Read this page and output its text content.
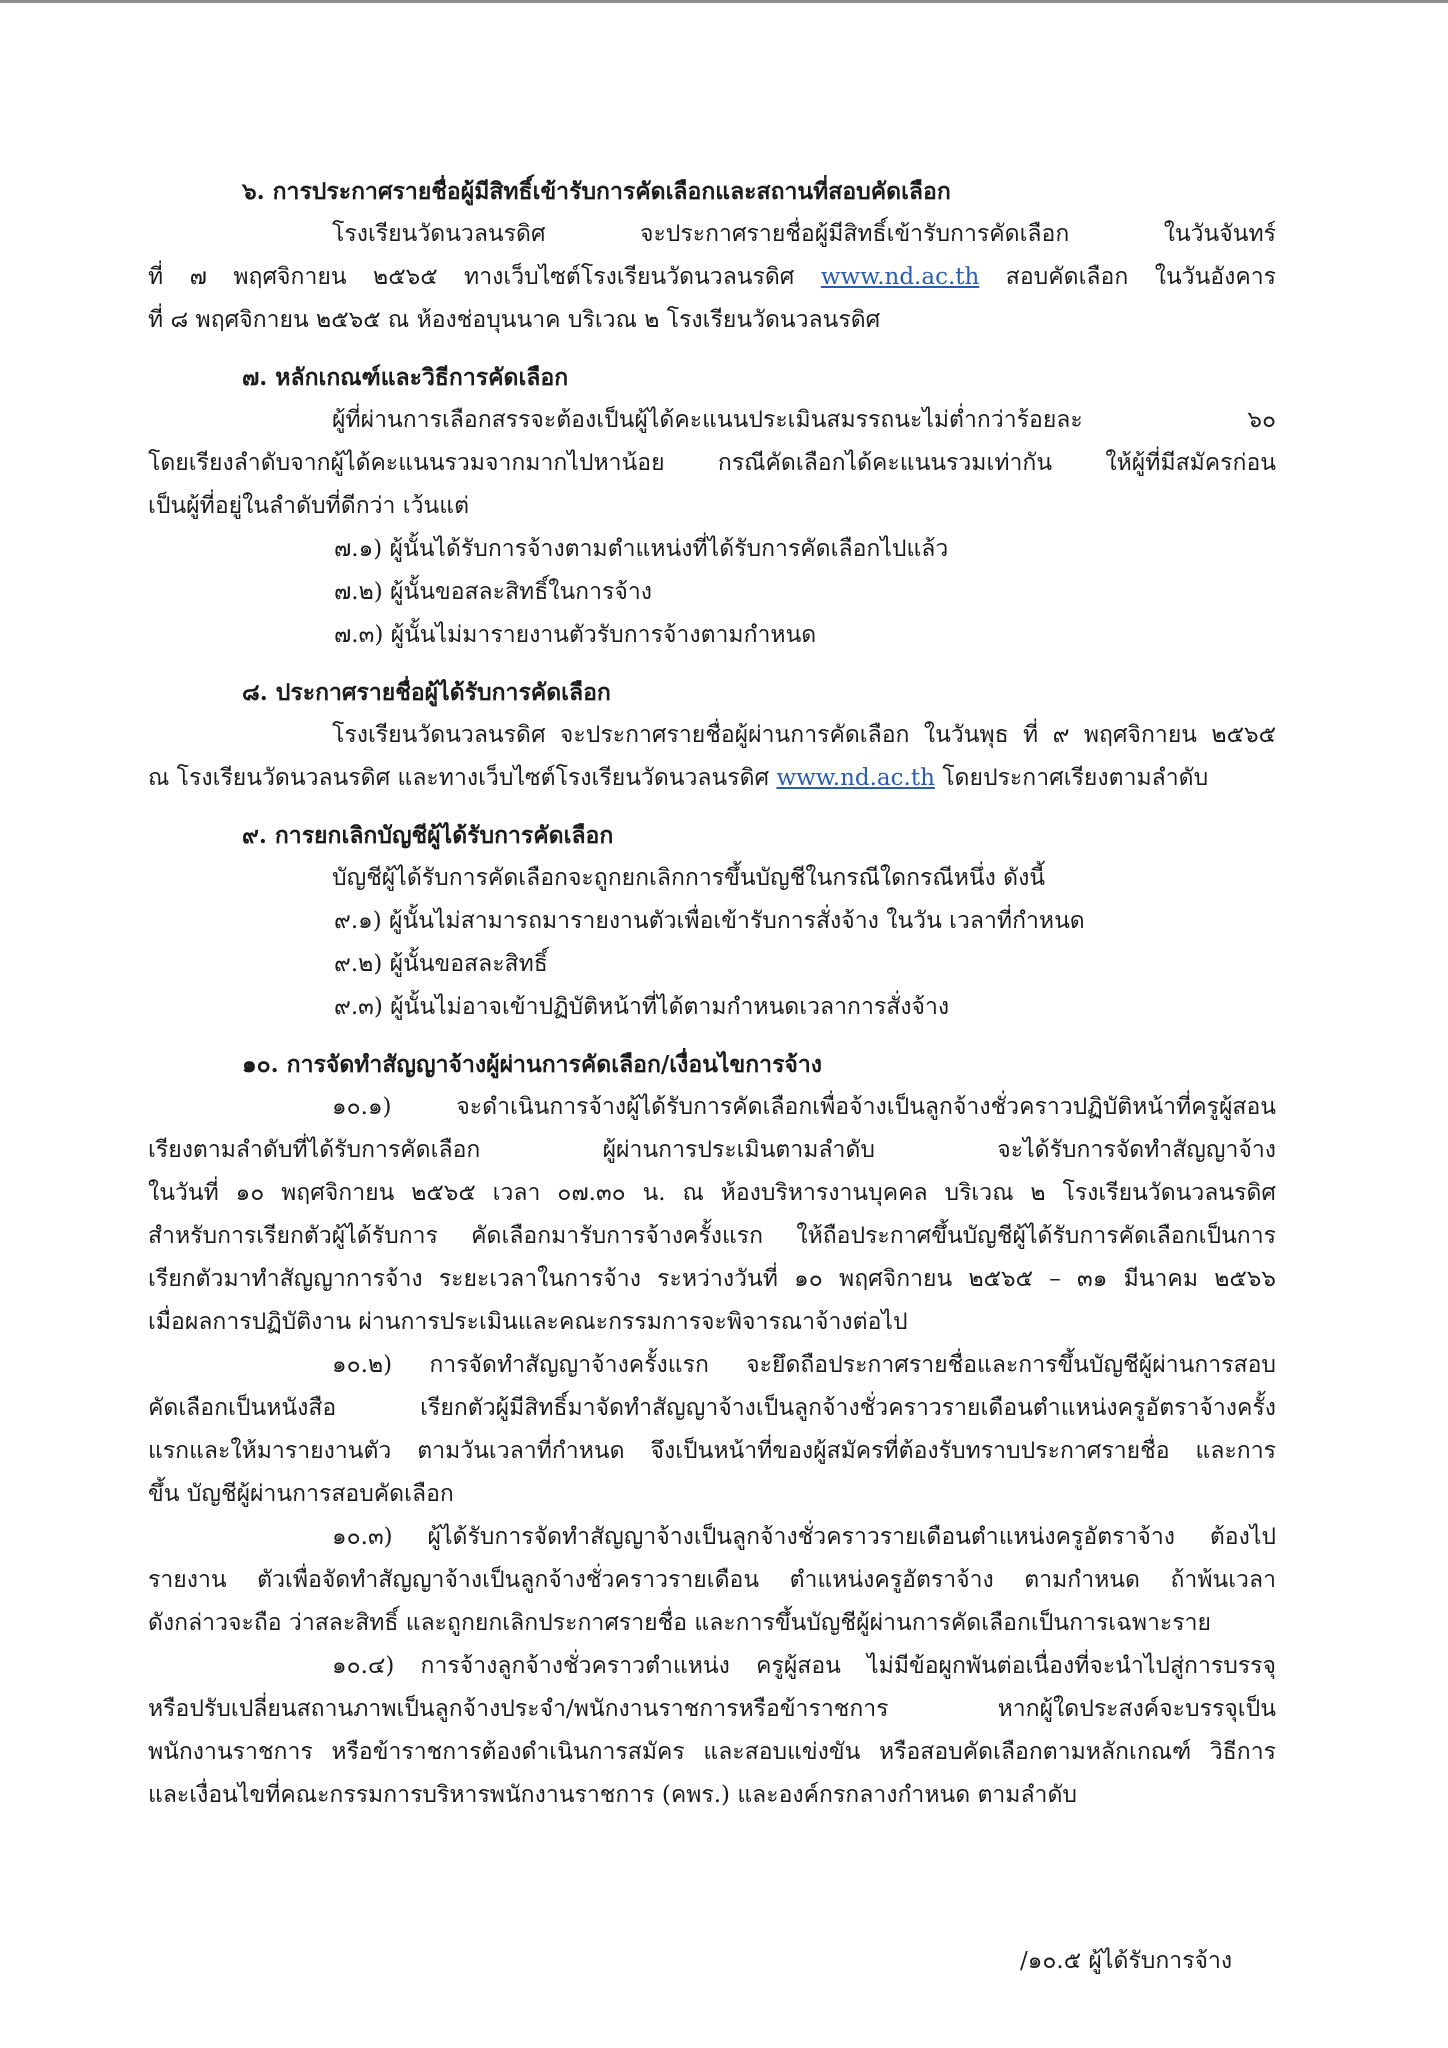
๖. การประกาศรายชื่อผู้มีสิทธิ์เข้ารับการคัดเลือกและสถานที่สอบคัดเลือก
โรงเรียนวัดนวลนรดิศ จะประกาศรายชื่อผู้มีสิทธิ์เข้ารับการคัดเลือก ในวันจันทร์
ที่ ๗ พฤศจิกายน ๒๕๖๕ ทางเว็บไซต์โรงเรียนวัดนวลนรดิศ www.nd.ac.th สอบคัดเลือก ในวันอังคาร
ที่ ๘ พฤศจิกายน ๒๕๖๕ ณ ห้องช่อบุนนาค บริเวณ ๒ โรงเรียนวัดนวลนรดิศ
๗. หลักเกณฑ์และวิธีการคัดเลือก
ผู้ที่ผ่านการเลือกสรรจะต้องเป็นผู้ได้คะแนนประเมินสมรรถนะไม่ต่ำกว่าร้อยละ ๖๐
โดยเรียงลำดับจากผู้ได้คะแนนรวมจากมากไปหาน้อย กรณีคัดเลือกได้คะแนนรวมเท่ากัน ให้ผู้ที่มีสมัครก่อน
เป็นผู้ที่อยู่ในลำดับที่ดีกว่า เว้นแต่
๗.๑) ผู้นั้นได้รับการจ้างตามตำแหน่งที่ได้รับการคัดเลือกไปแล้ว
๗.๒) ผู้นั้นขอสละสิทธิ์ในการจ้าง
๗.๓) ผู้นั้นไม่มารายงานตัวรับการจ้างตามกำหนด
๘. ประกาศรายชื่อผู้ได้รับการคัดเลือก
โรงเรียนวัดนวลนรดิศ จะประกาศรายชื่อผู้ผ่านการคัดเลือก ในวันพุธ ที่ ๙ พฤศจิกายน ๒๕๖๕
ณ โรงเรียนวัดนวลนรดิศ และทางเว็บไซต์โรงเรียนวัดนวลนรดิศ www.nd.ac.th โดยประกาศเรียงตามลำดับ
๙. การยกเลิกบัญชีผู้ได้รับการคัดเลือก
บัญชีผู้ได้รับการคัดเลือกจะถูกยกเลิกการขึ้นบัญชีในกรณีใดกรณีหนึ่ง ดังนี้
๙.๑) ผู้นั้นไม่สามารถมารายงานตัวเพื่อเข้ารับการสั่งจ้าง ในวัน เวลาที่กำหนด
๙.๒) ผู้นั้นขอสละสิทธิ์
๙.๓) ผู้นั้นไม่อาจเข้าปฏิบัติหน้าที่ได้ตามกำหนดเวลาการสั่งจ้าง
๑๐. การจัดทำสัญญาจ้างผู้ผ่านการคัดเลือก/เงื่อนไขการจ้าง
๑๐.๑) จะดำเนินการจ้างผู้ได้รับการคัดเลือกเพื่อจ้างเป็นลูกจ้างชั่วคราวปฏิบัติหน้าที่ครูผู้สอน
เรียงตามลำดับที่ได้รับการคัดเลือก ผู้ผ่านการประเมินตามลำดับ จะได้รับการจัดทำสัญญาจ้าง
ในวันที่ ๑๐ พฤศจิกายน ๒๕๖๕ เวลา ๐๗.๓๐ น. ณ ห้องบริหารงานบุคคล บริเวณ ๒ โรงเรียนวัดนวลนรดิศ
สำหรับการเรียกตัวผู้ได้รับการ คัดเลือกมารับการจ้างครั้งแรก ให้ถือประกาศขึ้นบัญชีผู้ได้รับการคัดเลือกเป็นการ
เรียกตัวมาทำสัญญาการจ้าง ระยะเวลาในการจ้าง ระหว่างวันที่ ๑๐ พฤศจิกายน ๒๕๖๕ – ๓๑ มีนาคม ๒๕๖๖
เมื่อผลการปฏิบัติงาน ผ่านการประเมินและคณะกรรมการจะพิจารณาจ้างต่อไป
๑๐.๒) การจัดทำสัญญาจ้างครั้งแรก จะยึดถือประกาศรายชื่อและการขึ้นบัญชีผู้ผ่านการสอบ
คัดเลือกเป็นหนังสือ เรียกตัวผู้มีสิทธิ์มาจัดทำสัญญาจ้างเป็นลูกจ้างชั่วคราวรายเดือนตำแหน่งครูอัตราจ้างครั้ง
แรกและให้มารายงานตัว ตามวันเวลาที่กำหนด จึงเป็นหน้าที่ของผู้สมัครที่ต้องรับทราบประกาศรายชื่อ และการ
ขึ้น บัญชีผู้ผ่านการสอบคัดเลือก
๑๐.๓) ผู้ได้รับการจัดทำสัญญาจ้างเป็นลูกจ้างชั่วคราวรายเดือนตำแหน่งครูอัตราจ้าง ต้องไป
รายงาน ตัวเพื่อจัดทำสัญญาจ้างเป็นลูกจ้างชั่วคราวรายเดือน ตำแหน่งครูอัตราจ้าง ตามกำหนด ถ้าพ้นเวลา
ดังกล่าวจะถือ ว่าสละสิทธิ์ และถูกยกเลิกประกาศรายชื่อ และการขึ้นบัญชีผู้ผ่านการคัดเลือกเป็นการเฉพาะราย
๑๐.๔) การจ้างลูกจ้างชั่วคราวตำแหน่ง ครูผู้สอน ไม่มีข้อผูกพันต่อเนื่องที่จะนำไปสู่การบรรจุ
หรือปรับเปลี่ยนสถานภาพเป็นลูกจ้างประจำ/พนักงานราชการหรือข้าราชการ หากผู้ใดประสงค์จะบรรจุเป็น
พนักงานราชการ หรือข้าราชการต้องดำเนินการสมัคร และสอบแข่งขัน หรือสอบคัดเลือกตามหลักเกณฑ์ วิธีการ
และเงื่อนไขที่คณะกรรมการบริหารพนักงานราชการ (คพร.) และองค์กรกลางกำหนด ตามลำดับ
/๑๐.๕ ผู้ได้รับการจ้าง
